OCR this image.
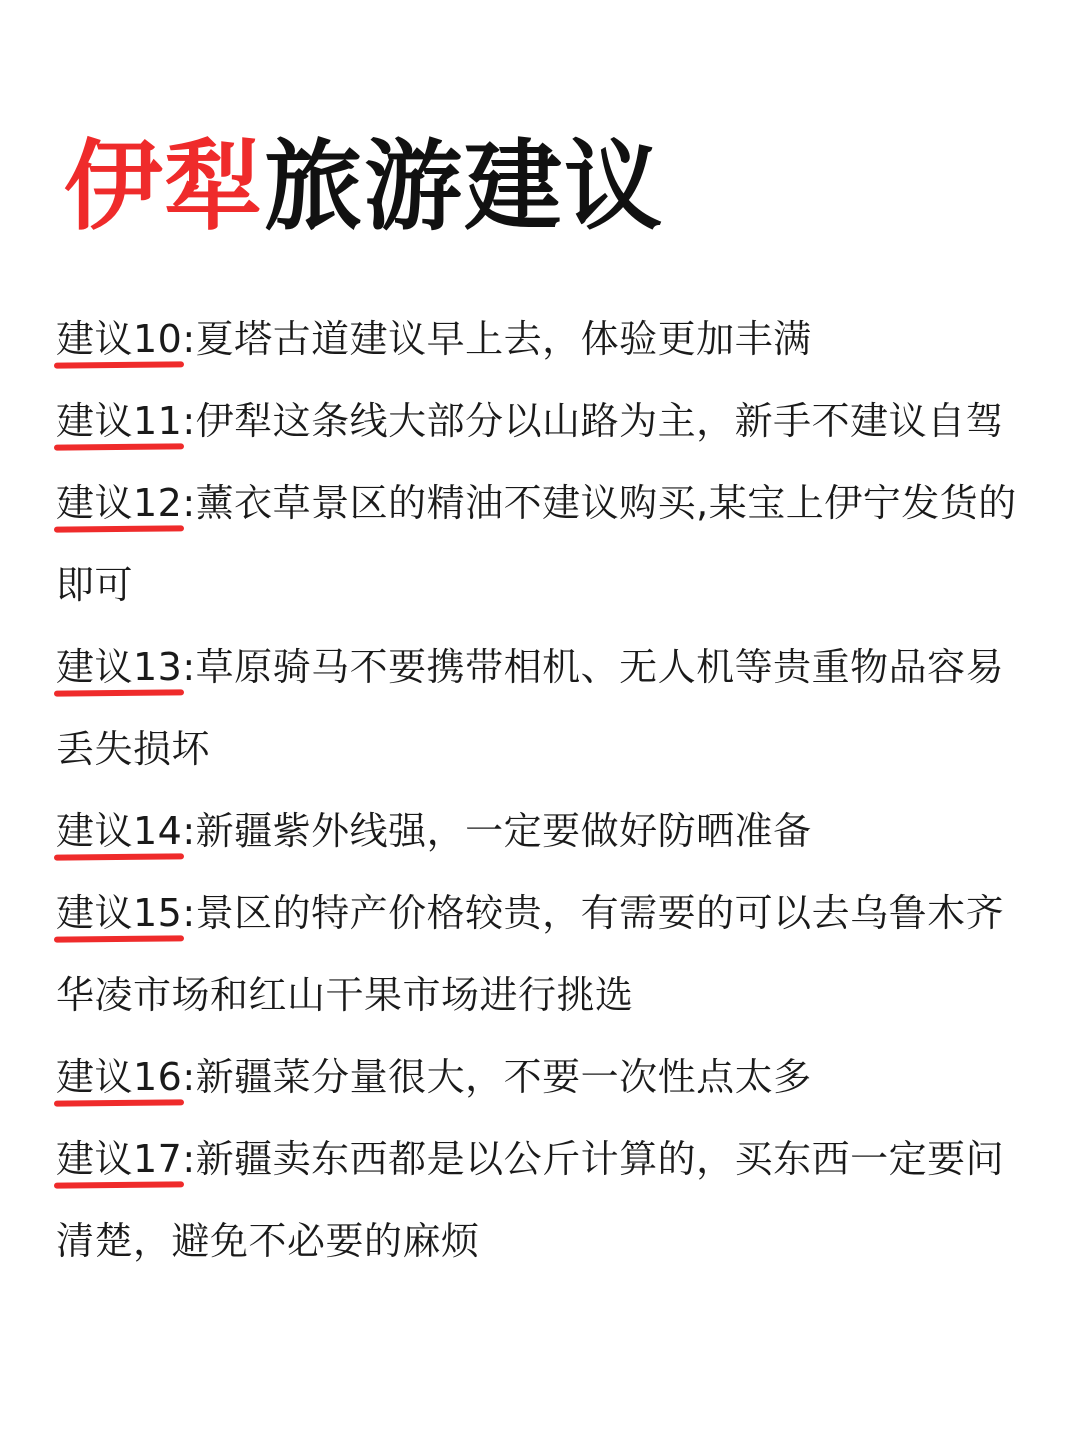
伊犁旅游建议
建议10:夏塔古道建议早上去，体验更加丰满
建议11:伊犁这条线大部分以山路为主，新手不建议自驾
建议12:薰衣草景区的精油不建议购买,某宝上伊宁发货的即可
建议13:草原骑马不要携带相机、无人机等贵重物品容易丢失损坏
建议14:新疆紫外线强，一定要做好防晒准备
建议15:景区的特产价格较贵，有需要的可以去乌鲁木齐华凌市场和红山干果市场进行挑选
建议16:新疆菜分量很大，不要一次性点太多
建议17:新疆卖东西都是以公斤计算的，买东西一定要问清楚，避免不必要的麻烦
